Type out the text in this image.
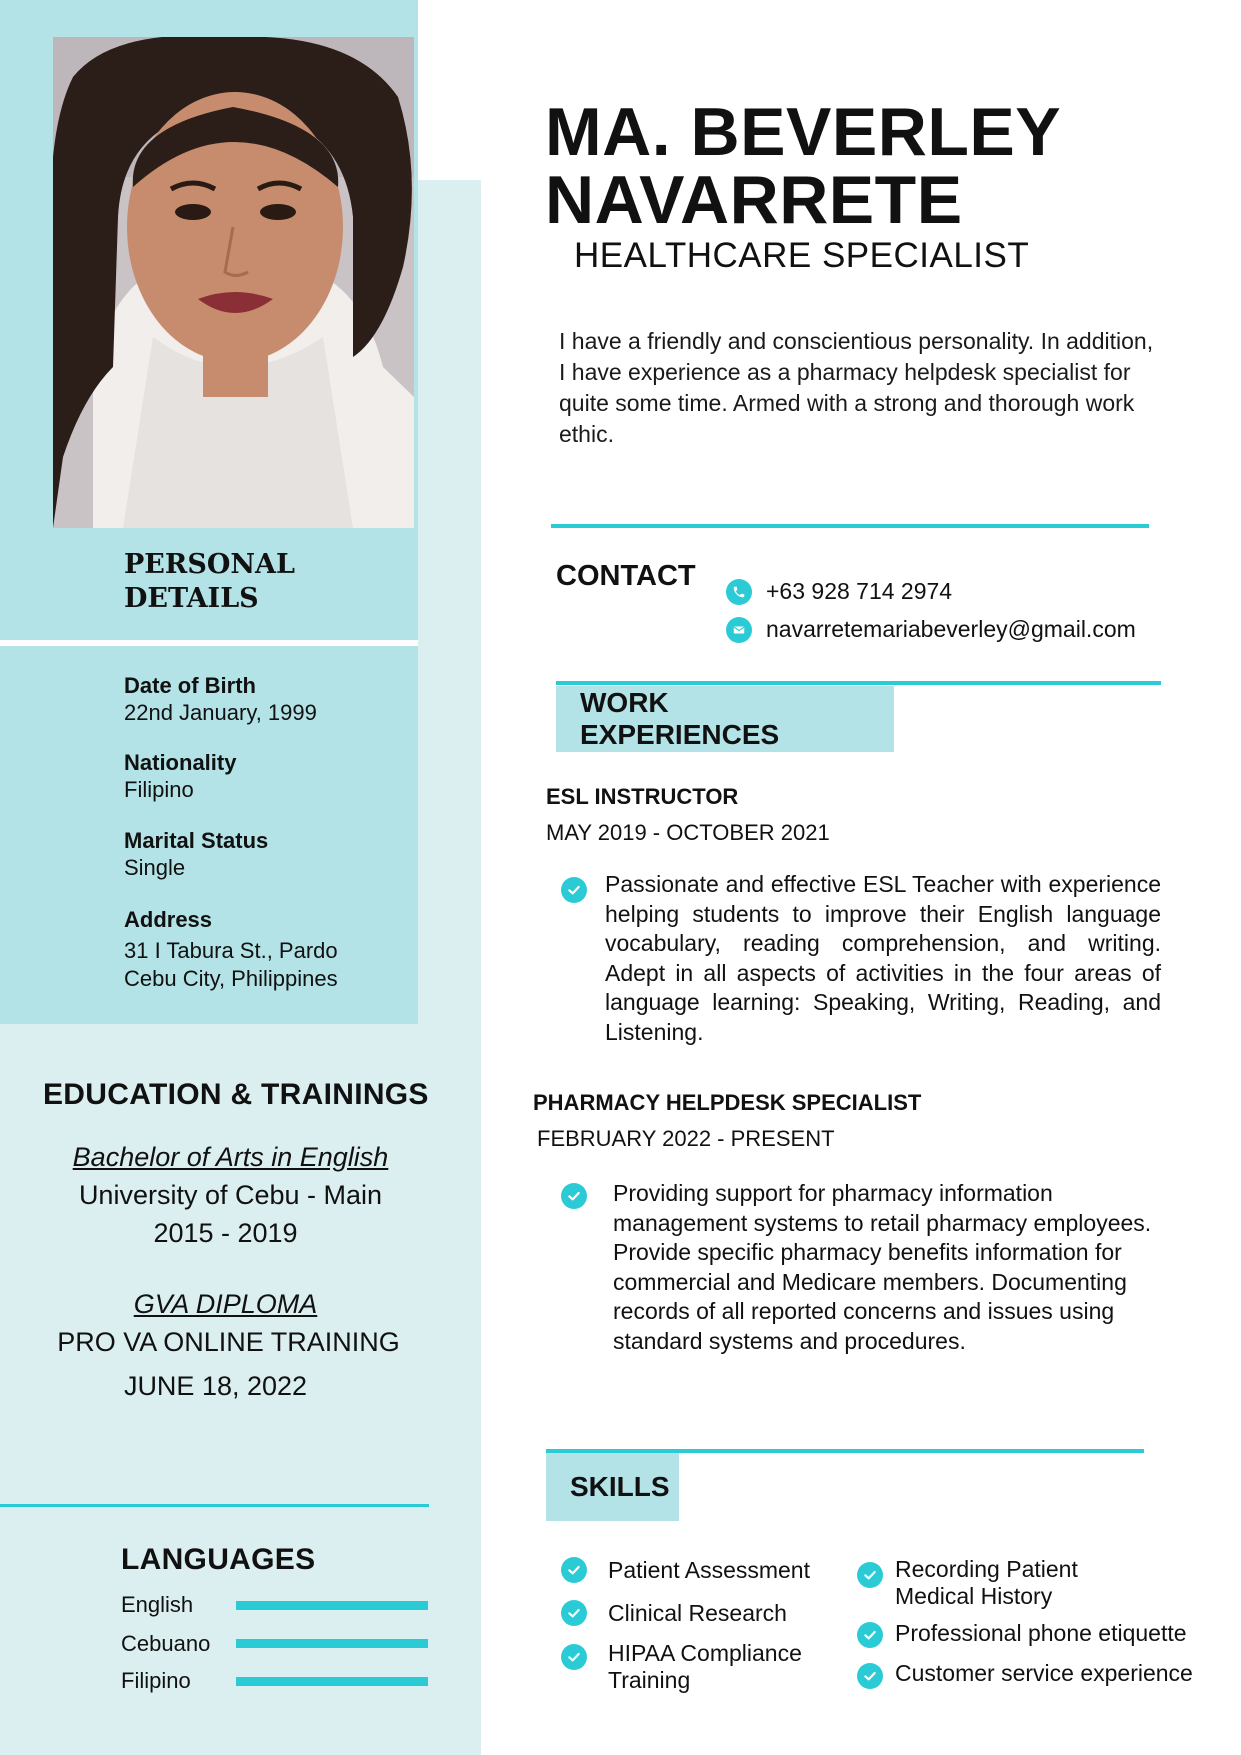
PERSONAL
DETAILS
Date of Birth
22nd January, 1999
Nationality
Filipino
Marital Status
Single
Address
31 I Tabura St., Pardo
Cebu City, Philippines
EDUCATION & TRAININGS
Bachelor of Arts in English
University of Cebu - Main
2015 - 2019
GVA DIPLOMA
PRO VA ONLINE TRAINING
JUNE 18, 2022
LANGUAGES
English
Cebuano
Filipino
MA. BEVERLEY
NAVARRETE
HEALTHCARE SPECIALIST
I have a friendly and conscientious personality. In addition, I have experience as a pharmacy helpdesk specialist for quite some time. Armed with a strong and thorough work ethic.
CONTACT	+63 928 714 2974
navarretemariabeverley@gmail.com
WORK EXPERIENCES
ESL INSTRUCTOR
MAY 2019 - OCTOBER 2021
Passionate and effective ESL Teacher with experience helping students to improve their English language vocabulary, reading comprehension, and writing. Adept in all aspects of activities in the four areas of language learning: Speaking, Writing, Reading, and Listening.
PHARMACY HELPDESK SPECIALIST
FEBRUARY 2022 - PRESENT
Providing support for pharmacy information management systems to retail pharmacy employees. Provide specific pharmacy benefits information for commercial and Medicare members. Documenting records of all reported concerns and issues using standard systems and procedures.
SKILLS
Patient Assessment
Clinical Research
HIPAA Compliance Training
Recording Patient Medical History
Professional phone etiquette
Customer service experience
